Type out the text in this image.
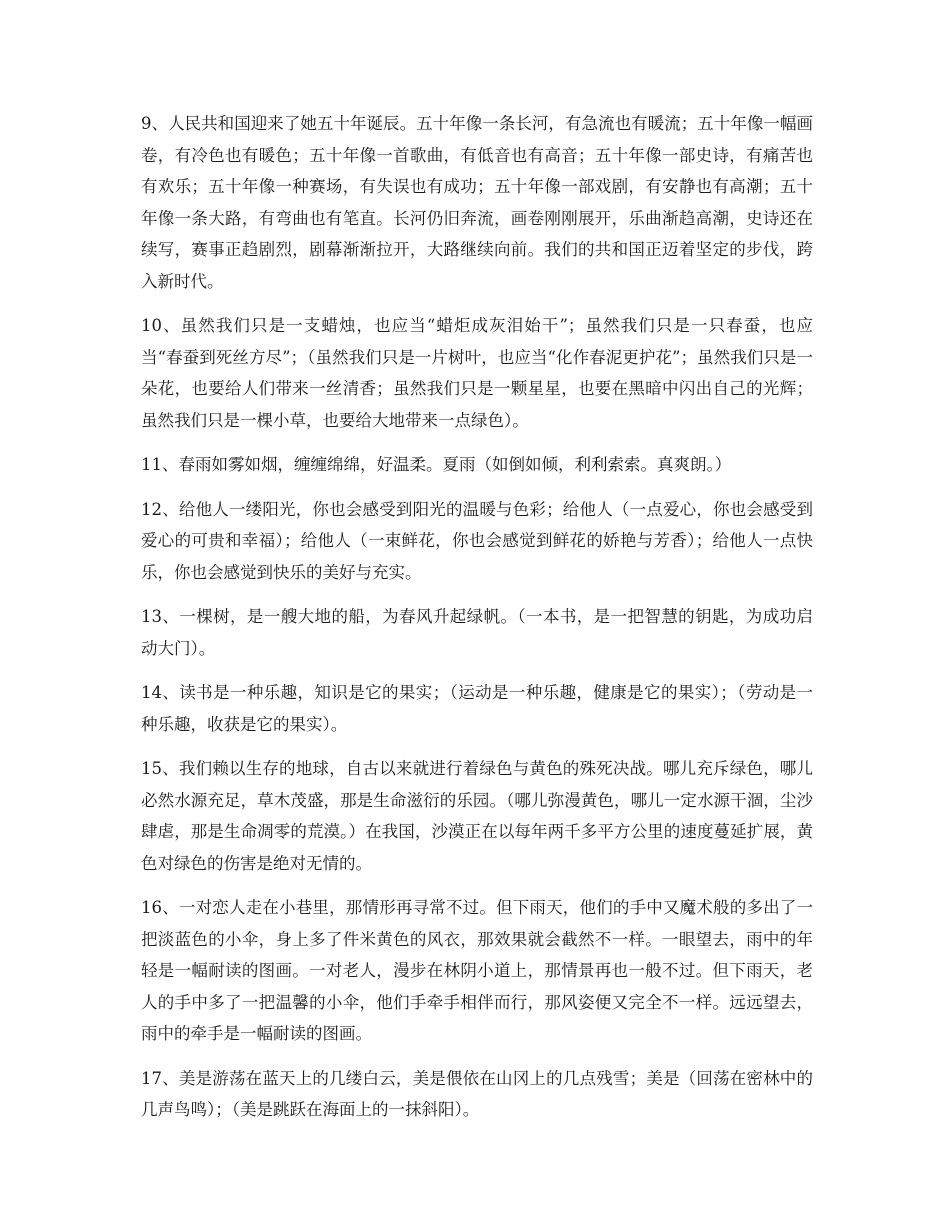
9、人民共和国迎来了她五十年诞辰。五十年像一条长河，有急流也有暖流；五十年像一幅画卷，有冷色也有暖色；五十年像一首歌曲，有低音也有高音；五十年像一部史诗，有痛苦也有欢乐；五十年像一种赛场，有失误也有成功；五十年像一部戏剧，有安静也有高潮；五十年像一条大路，有弯曲也有笔直。长河仍旧奔流，画卷刚刚展开，乐曲渐趋高潮，史诗还在续写，赛事正趋剧烈，剧幕渐渐拉开，大路继续向前。我们的共和国正迈着坚定的步伐，跨入新时代。

10、虽然我们只是一支蜡烛，也应当“蜡炬成灰泪始干”；虽然我们只是一只春蚕，也应当“春蚕到死丝方尽”；（虽然我们只是一片树叶，也应当“化作春泥更护花”；虽然我们只是一朵花，也要给人们带来一丝清香；虽然我们只是一颗星星，也要在黑暗中闪出自己的光辉；虽然我们只是一棵小草，也要给大地带来一点绿色）。

11、春雨如雾如烟，缠缠绵绵，好温柔。夏雨（如倒如倾，利利索索。真爽朗。）

12、给他人一缕阳光，你也会感受到阳光的温暖与色彩；给他人（一点爱心，你也会感受到爱心的可贵和幸福）；给他人（一束鲜花，你也会感觉到鲜花的娇艳与芳香）；给他人一点快乐，你也会感觉到快乐的美好与充实。

13、一棵树，是一艘大地的船，为春风升起绿帆。（一本书，是一把智慧的钥匙，为成功启动大门）。

14、读书是一种乐趣，知识是它的果实；（运动是一种乐趣，健康是它的果实）；（劳动是一种乐趣，收获是它的果实）。

15、我们赖以生存的地球，自古以来就进行着绿色与黄色的殊死决战。哪儿充斥绿色，哪儿必然水源充足，草木茂盛，那是生命滋衍的乐园。（哪儿弥漫黄色，哪儿一定水源干涸，尘沙肆虐，那是生命凋零的荒漠。）在我国，沙漠正在以每年两千多平方公里的速度蔓延扩展，黄色对绿色的伤害是绝对无情的。

16、一对恋人走在小巷里，那情形再寻常不过。但下雨天，他们的手中又魔术般的多出了一把淡蓝色的小伞，身上多了件米黄色的风衣，那效果就会截然不一样。一眼望去，雨中的年轻是一幅耐读的图画。一对老人，漫步在林阴小道上，那情景再也一般不过。但下雨天，老人的手中多了一把温馨的小伞，他们手牵手相伴而行，那风姿便又完全不一样。远远望去，雨中的牵手是一幅耐读的图画。

17、美是游荡在蓝天上的几缕白云，美是偎依在山冈上的几点残雪；美是（回荡在密林中的几声鸟鸣）；（美是跳跃在海面上的一抹斜阳）。
